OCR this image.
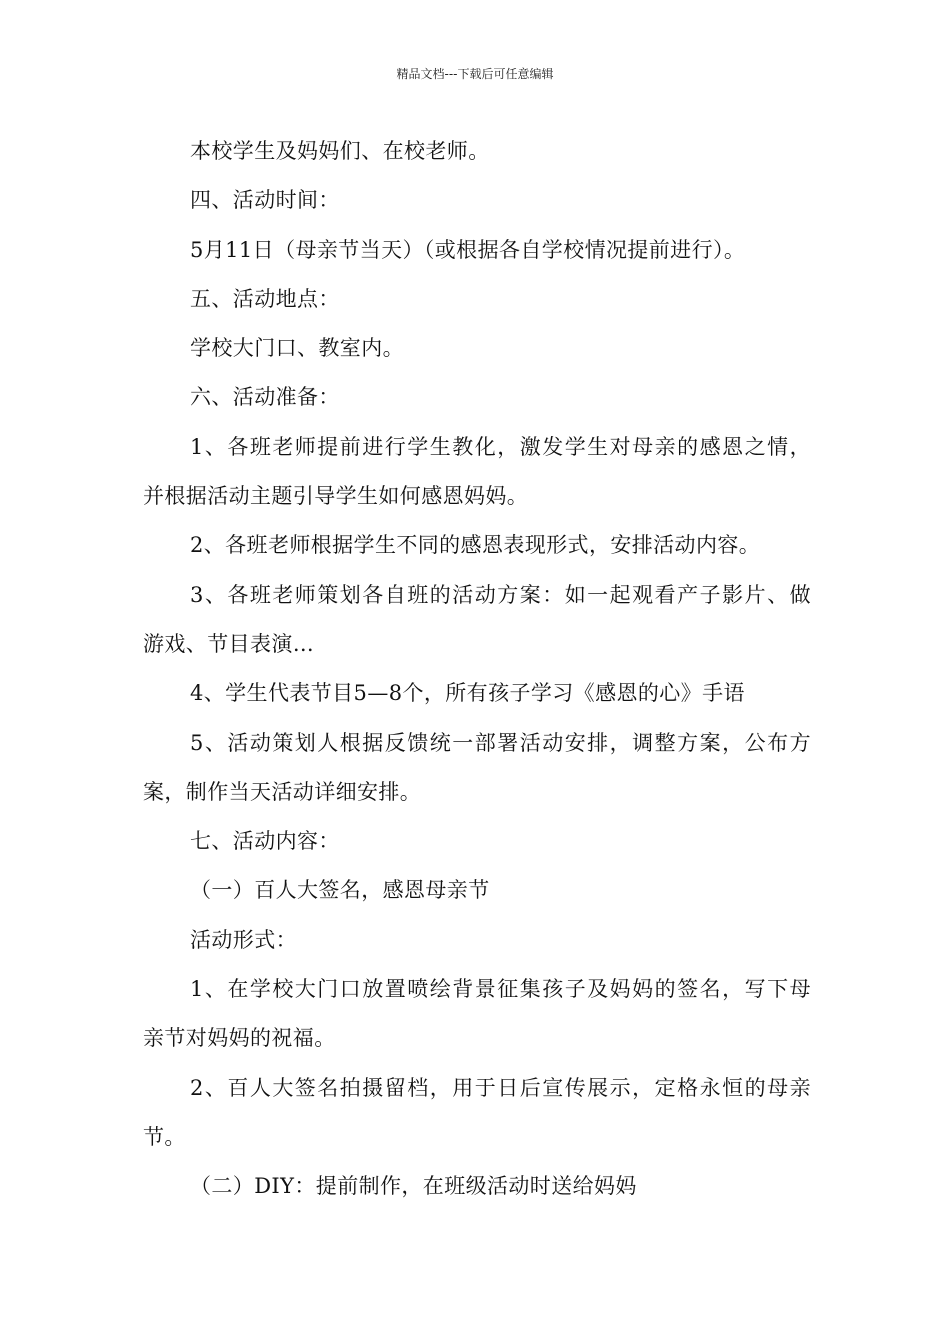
精品文档---下载后可任意编辑
本校学生及妈妈们、在校老师。
四、活动时间：
5月11日（母亲节当天）（或根据各自学校情况提前进行）。
五、活动地点：
学校大门口、教室内。
六、活动准备：
1、各班老师提前进行学生教化，激发学生对母亲的感恩之情，
并根据活动主题引导学生如何感恩妈妈。
2、各班老师根据学生不同的感恩表现形式，安排活动内容。
3、各班老师策划各自班的活动方案：如一起观看产子影片、做
游戏、节目表演…
4、学生代表节目5—8个，所有孩子学习《感恩的心》手语
5、活动策划人根据反馈统一部署活动安排，调整方案，公布方
案，制作当天活动详细安排。
七、活动内容：
（一）百人大签名，感恩母亲节
活动形式：
1、在学校大门口放置喷绘背景征集孩子及妈妈的签名，写下母
亲节对妈妈的祝福。
2、百人大签名拍摄留档，用于日后宣传展示，定格永恒的母亲
节。
（二）DIY：提前制作，在班级活动时送给妈妈
